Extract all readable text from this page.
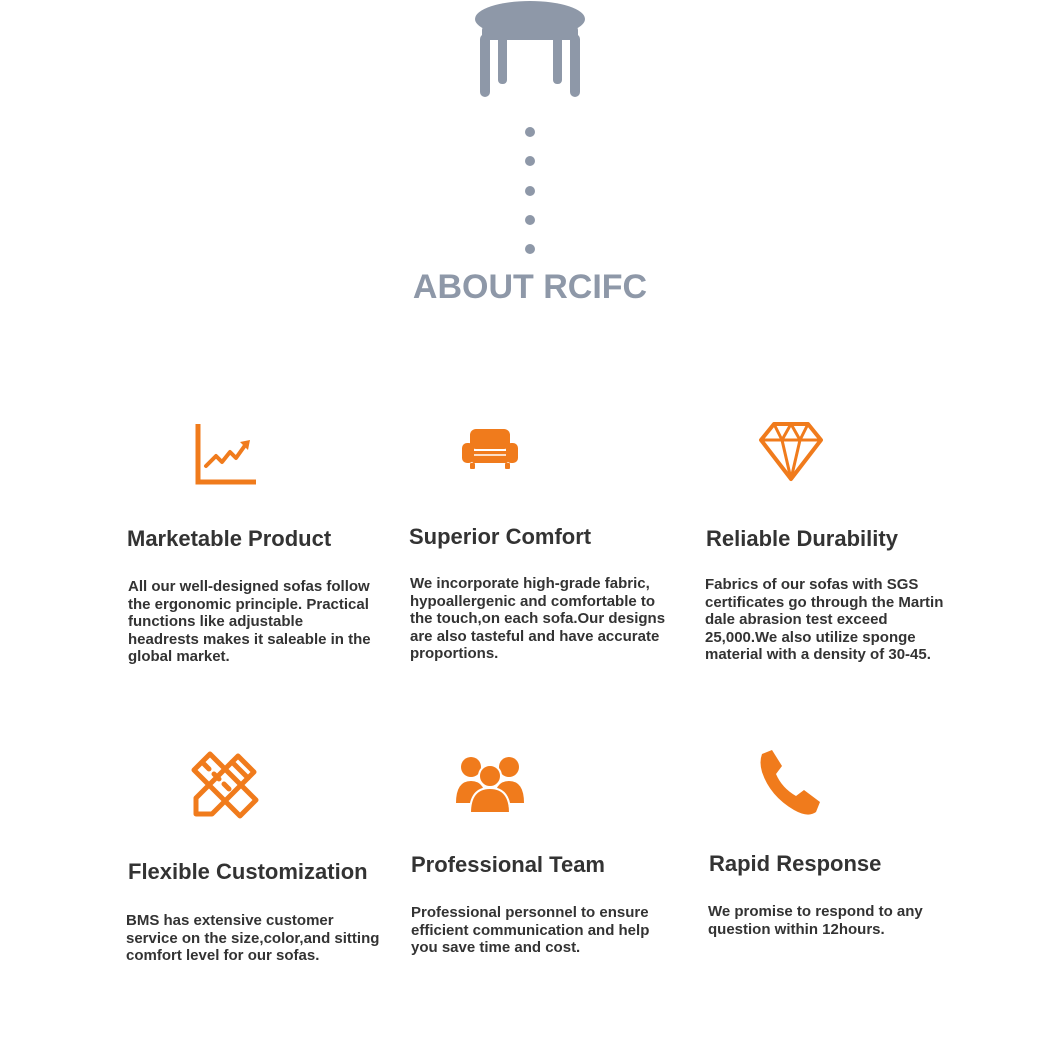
ABOUT RCIFC
Marketable Product

All our well-designed sofas follow the ergonomic principle. Practical functions like adjustable headrests makes it saleable in the global market.

Superior Comfort

We incorporate high-grade fabric, hypoallergenic and comfortable to the touch,on each sofa.Our designs are also tasteful and have accurate proportions.

Reliable Durability

Fabrics of our sofas with SGS certificates go through the Martin dale abrasion test exceed 25,000.We also utilize sponge material with a density of 30-45.

Flexible Customization

BMS has extensive customer service on the size,color,and sitting comfort level for our sofas.

Professional Team

Professional personnel to ensure efficient communication and help you save time and cost.

Rapid Response

We promise to respond to any question within 12hours.
